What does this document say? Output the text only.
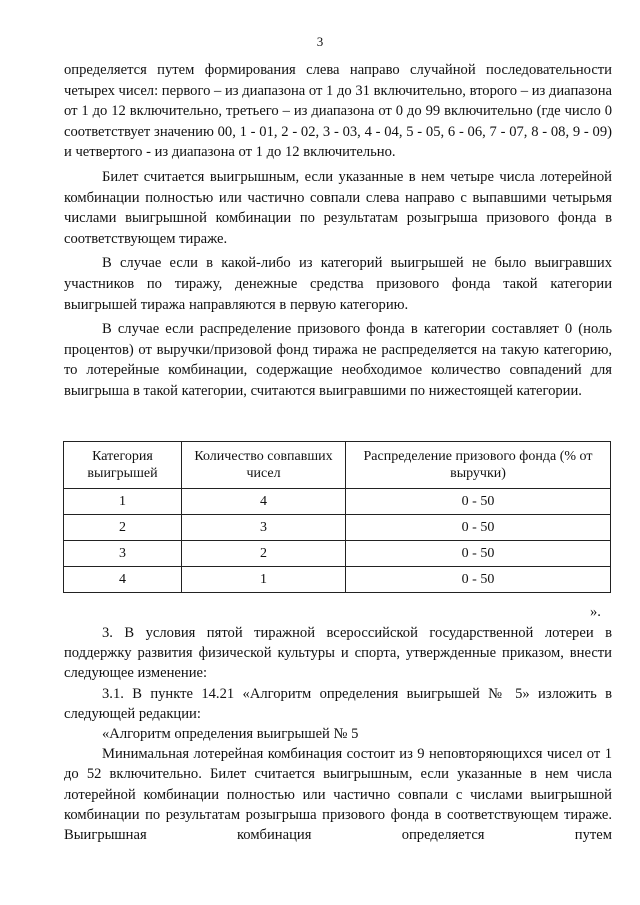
3

определяется путем формирования слева направо случайной последовательности четырех чисел: первого – из диапазона от 1 до 31 включительно, второго – из диапазона от 1 до 12 включительно, третьего – из диапазона от 0 до 99 включительно (где число 0 соответствует значению 00, 1 - 01, 2 - 02, 3 - 03, 4 - 04, 5 - 05, 6 - 06, 7 - 07, 8 - 08, 9 - 09) и четвертого - из диапазона от 1 до 12 включительно.

Билет считается выигрышным, если указанные в нем четыре числа лотерейной комбинации полностью или частично совпали слева направо с выпавшими четырьмя числами выигрышной комбинации по результатам розыгрыша призового фонда в соответствующем тираже.

В случае если в какой-либо из категорий выигрышей не было выигравших участников по тиражу, денежные средства призового фонда такой категории выигрышей тиража направляются в первую категорию.

В случае если распределение призового фонда в категории составляет 0 (ноль процентов) от выручки/призовой фонд тиража не распределяется на такую категорию, то лотерейные комбинации, содержащие необходимое количество совпадений для выигрыша в такой категории, считаются выигравшими по нижестоящей категории.

Категория выигрышей	Количество совпавших чисел	Распределение призового фонда (% от выручки)
1	4	0 - 50
2	3	0 - 50
3	2	0 - 50
4	1	0 - 50
».

3. В условия пятой тиражной всероссийской государственной лотереи в поддержку развития физической культуры и спорта, утвержденные приказом, внести следующее изменение:

3.1. В пункте 14.21 «Алгоритм определения выигрышей № 5» изложить в следующей редакции:

«Алгоритм определения выигрышей № 5

Минимальная лотерейная комбинация состоит из 9 неповторяющихся чисел от 1 до 52 включительно. Билет считается выигрышным, если указанные в нем числа лотерейной комбинации полностью или частично совпали с числами выигрышной комбинации по результатам розыгрыша призового фонда в соответствующем тираже. Выигрышная комбинация определяется путем
